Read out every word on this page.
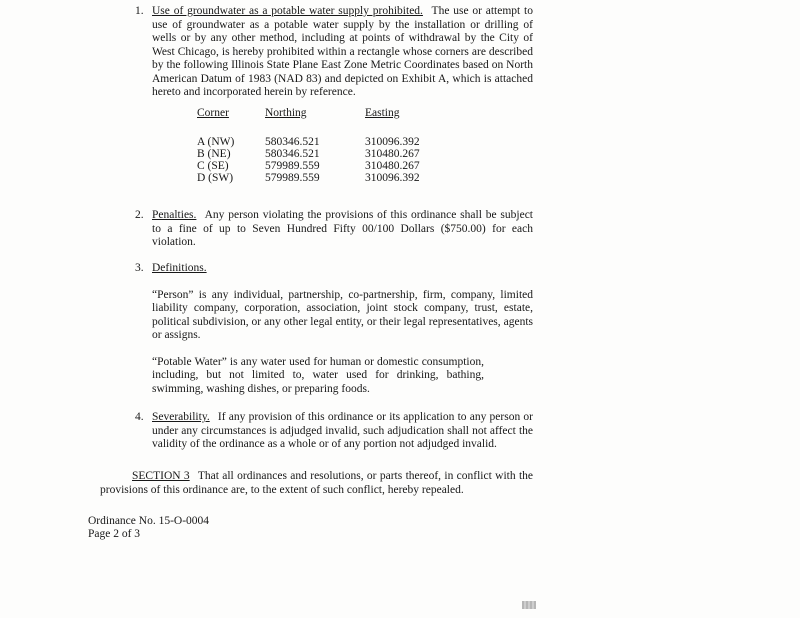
1. Use of groundwater as a potable water supply prohibited. The use or attempt to use of groundwater as a potable water supply by the installation or drilling of wells or by any other method, including at points of withdrawal by the City of West Chicago, is hereby prohibited within a rectangle whose corners are described by the following Illinois State Plane East Zone Metric Coordinates based on North American Datum of 1983 (NAD 83) and depicted on Exhibit A, which is attached hereto and incorporated herein by reference.
Corner	Northing	Easting
A (NW)	580346.521	310096.392
B (NE)	580346.521	310480.267
C (SE)	579989.559	310480.267
D (SW)	579989.559	310096.392
2. Penalties. Any person violating the provisions of this ordinance shall be subject to a fine of up to Seven Hundred Fifty 00/100 Dollars ($750.00) for each violation.
3. Definitions.

“Person” is any individual, partnership, co-partnership, firm, company, limited liability company, corporation, association, joint stock company, trust, estate, political subdivision, or any other legal entity, or their legal representatives, agents or assigns.

“Potable Water” is any water used for human or domestic consumption, including, but not limited to, water used for drinking, bathing, swimming, washing dishes, or preparing foods.

4. Severability. If any provision of this ordinance or its application to any person or under any circumstances is adjudged invalid, such adjudication shall not affect the validity of the ordinance as a whole or of any portion not adjudged invalid.
SECTION 3 That all ordinances and resolutions, or parts thereof, in conflict with the provisions of this ordinance are, to the extent of such conflict, hereby repealed.
Ordinance No. 15-O-0004
Page 2 of 3
